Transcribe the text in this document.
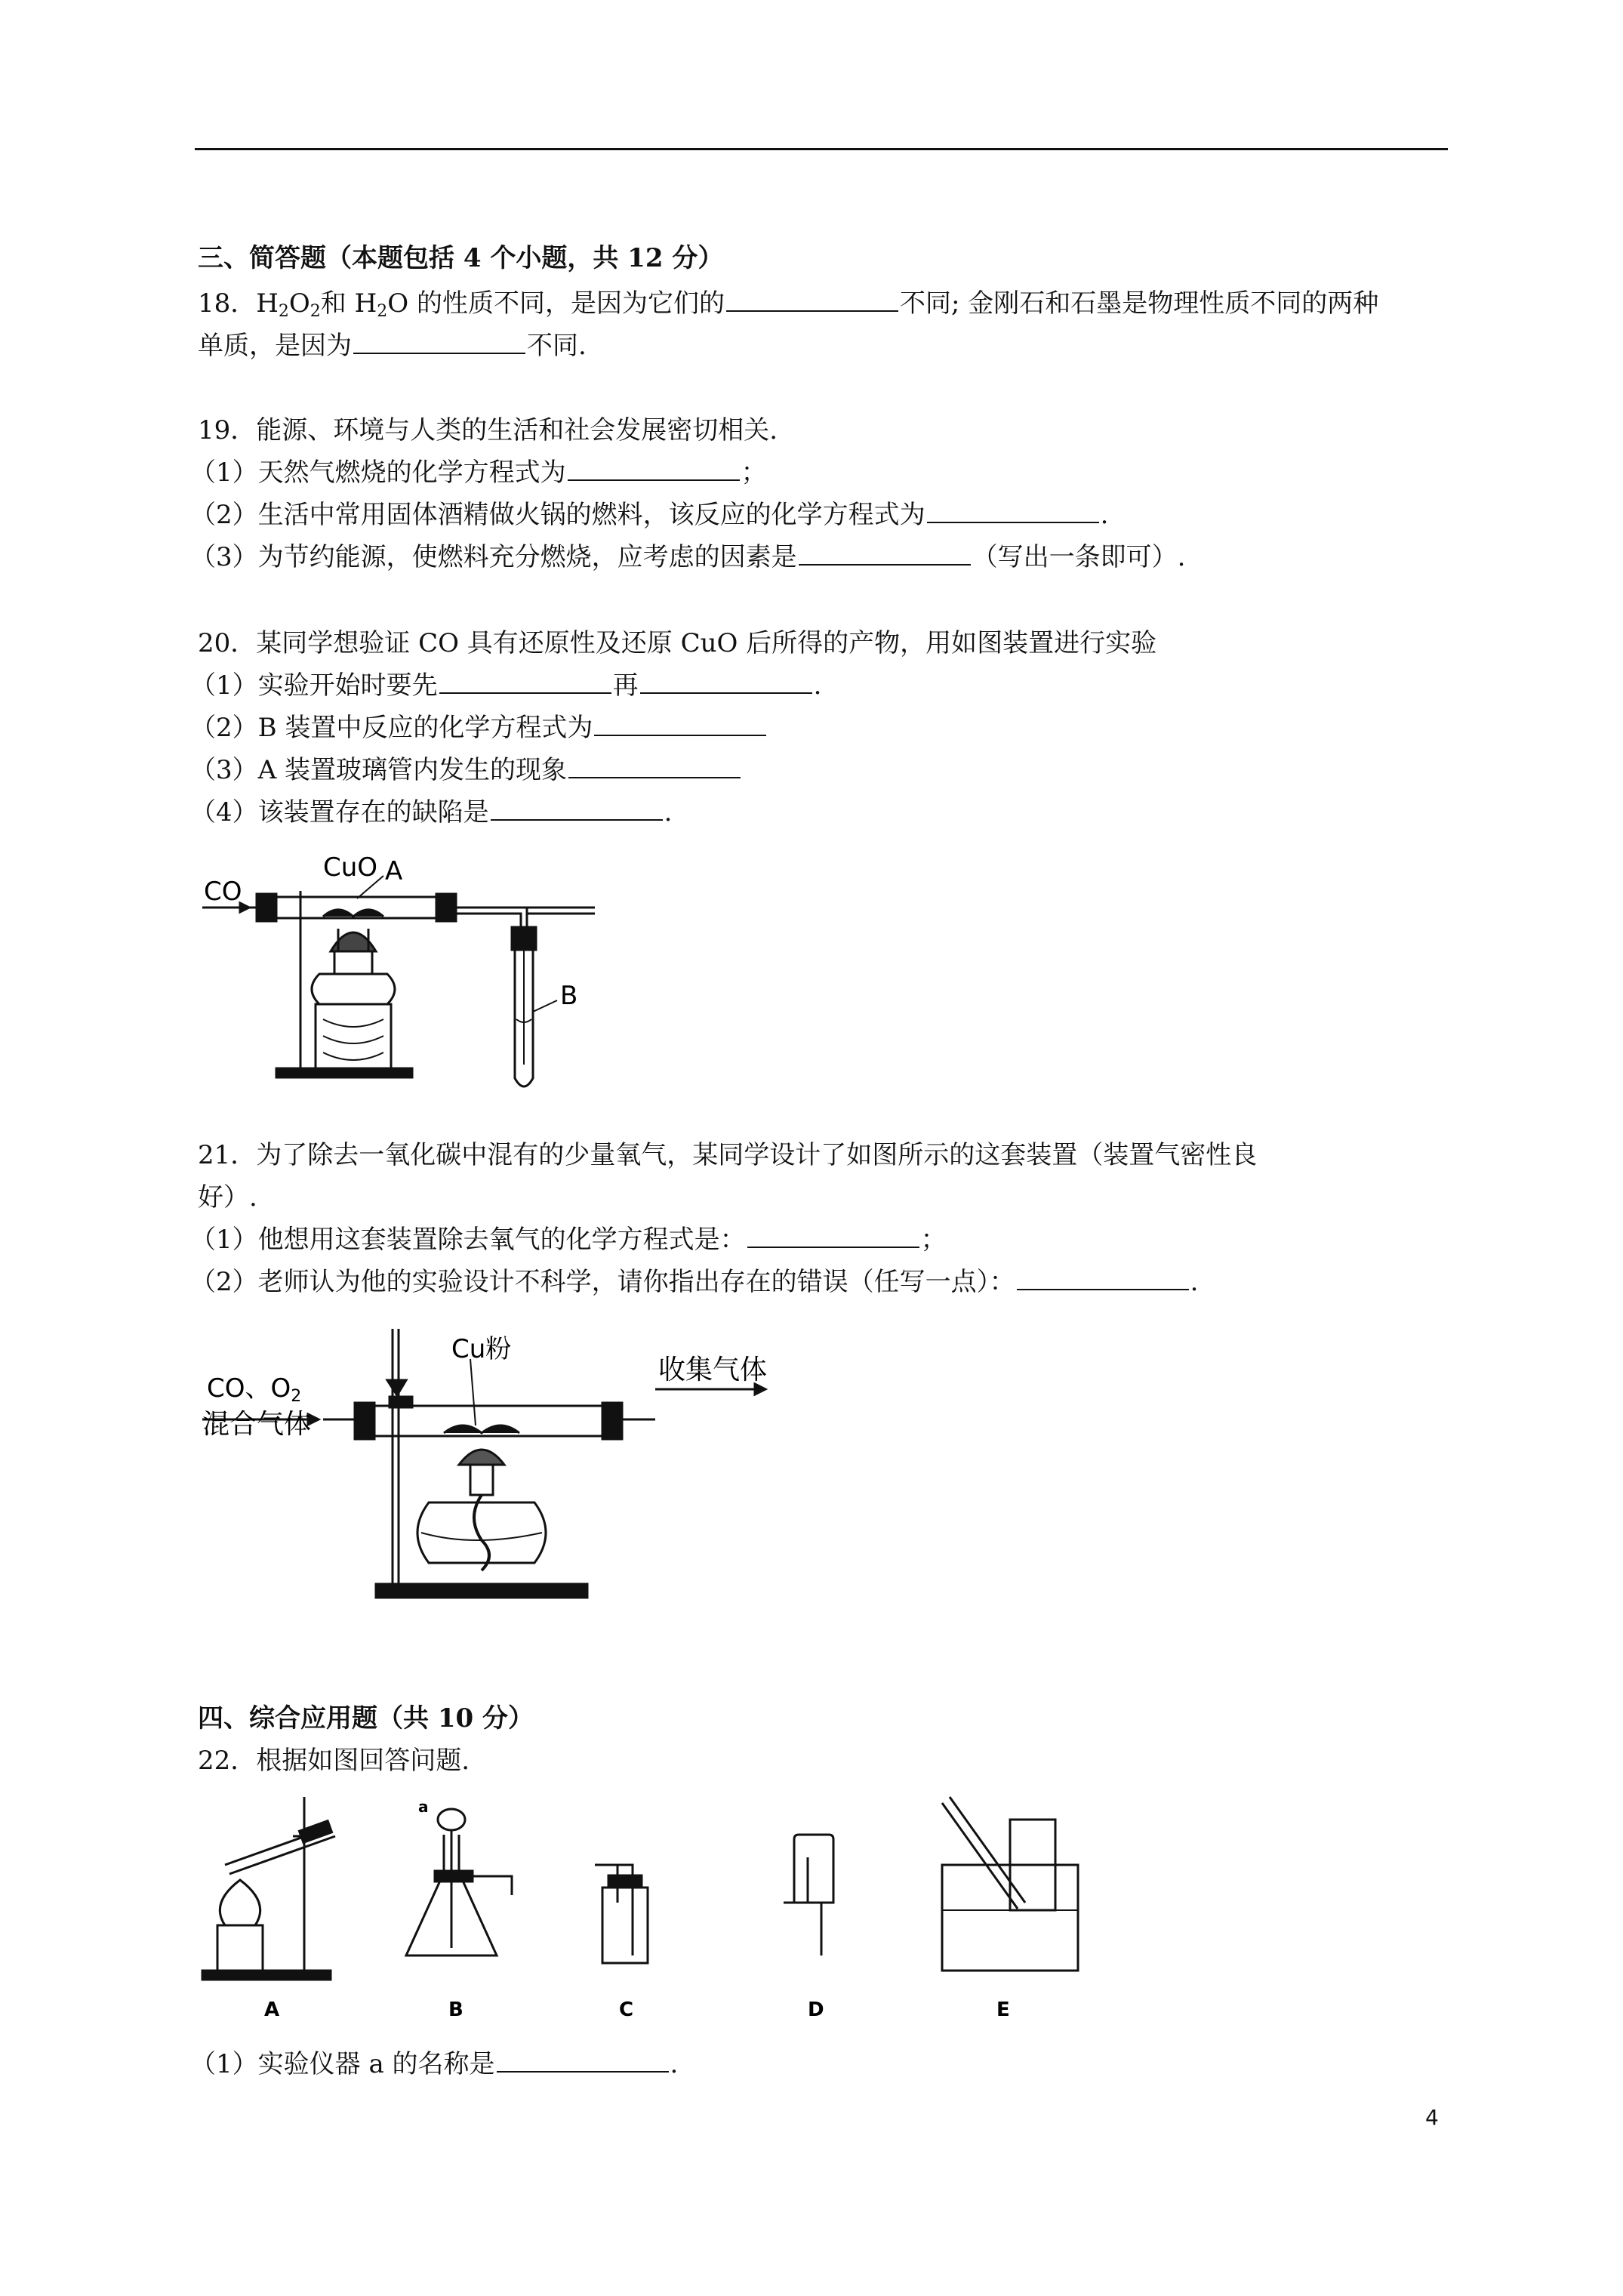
三、简答题（本题包括 4 个小题，共 12 分）
18．$H_2O_2$和 $H_2O$ 的性质不同，是因为它们的	不同; 金刚石和石墨是物理性质不同的两种
单质，是因为	不同.
19．能源、环境与人类的生活和社会发展密切相关.
（1）天然气燃烧的化学方程式为	；
（2）生活中常用固体酒精做火锅的燃料，该反应的化学方程式为	.
（3）为节约能源，使燃料充分燃烧，应考虑的因素是	（写出一条即可）.
20．某同学想验证 CO 具有还原性及还原 CuO 后所得的产物，用如图装置进行实验
（1）实验开始时要先	再	.
（2）B 装置中反应的化学方程式为
（3）A 装置玻璃管内发生的现象
（4）该装置存在的缺陷是	.
CO
CuO A
B
21．为了除去一氧化碳中混有的少量氧气，某同学设计了如图所示的这套装置（装置气密性良
好）.
（1）他想用这套装置除去氧气的化学方程式是：	；
（2）老师认为他的实验设计不科学，请你指出存在的错误（任写一点）：	.
CO、O2
混合气体
Cu粉
收集气体
四、综合应用题（共 10 分）
22．根据如图回答问题.
a
A	B	C	D	E
（1）实验仪器 a 的名称是	.
4
